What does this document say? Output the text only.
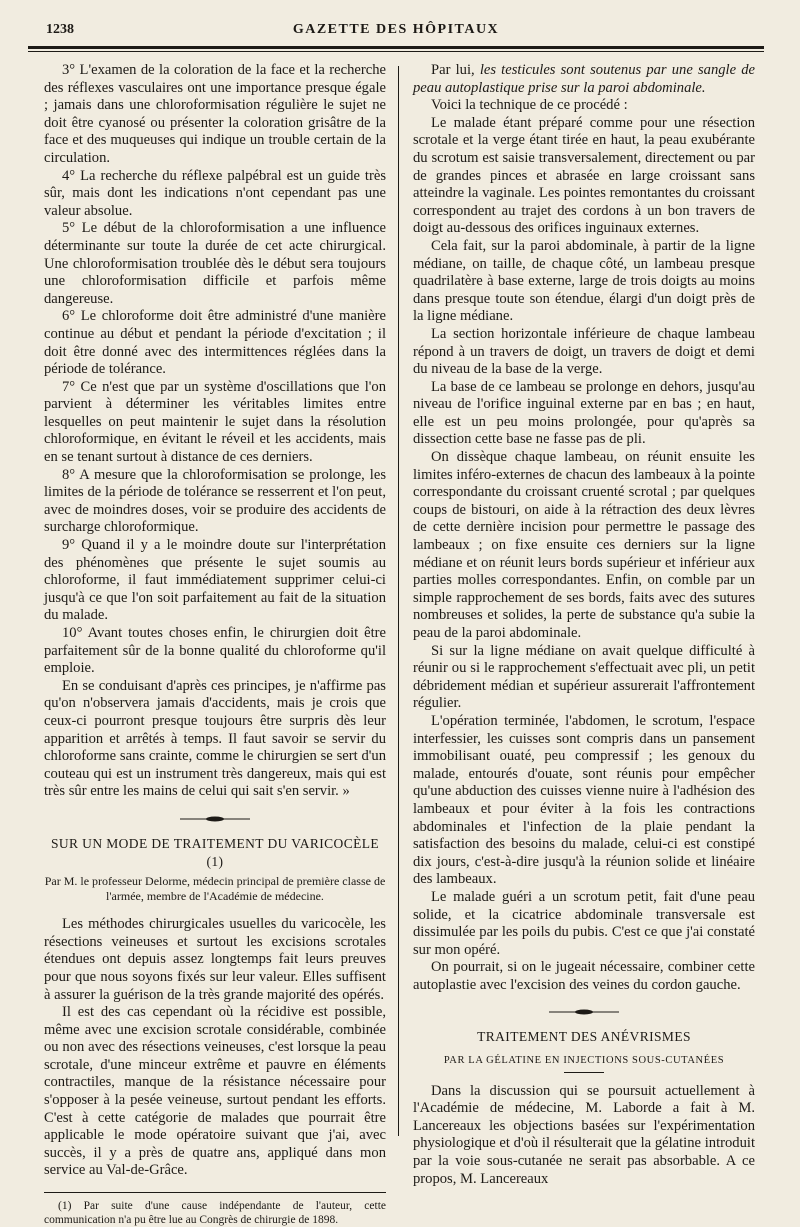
1238	GAZETTE DES HÔPITAUX

3° L'examen de la coloration de la face et la recherche des réflexes vasculaires ont une importance presque égale ; jamais dans une chloroformisation régulière le sujet ne doit être cyanosé ou présenter la coloration grisâtre de la face et des muqueuses qui indique un trouble certain de la circulation.

4° La recherche du réflexe palpébral est un guide très sûr, mais dont les indications n'ont cependant pas une valeur absolue.

5° Le début de la chloroformisation a une influence déterminante sur toute la durée de cet acte chirurgical. Une chloroformisation troublée dès le début sera toujours une chloroformisation difficile et parfois même dangereuse.

6° Le chloroforme doit être administré d'une manière continue au début et pendant la période d'excitation ; il doit être donné avec des intermittences réglées dans la période de tolérance.

7° Ce n'est que par un système d'oscillations que l'on parvient à déterminer les véritables limites entre lesquelles on peut maintenir le sujet dans la résolution chloroformique, en évitant le réveil et les accidents, mais en se tenant surtout à distance de ces derniers.

8° A mesure que la chloroformisation se prolonge, les limites de la période de tolérance se resserrent et l'on peut, avec de moindres doses, voir se produire des accidents de surcharge chloroformique.

9° Quand il y a le moindre doute sur l'interprétation des phénomènes que présente le sujet soumis au chloroforme, il faut immédiatement supprimer celui-ci jusqu'à ce que l'on soit parfaitement au fait de la situation du malade.

10° Avant toutes choses enfin, le chirurgien doit être parfaitement sûr de la bonne qualité du chloroforme qu'il emploie.

En se conduisant d'après ces principes, je n'affirme pas qu'on n'observera jamais d'accidents, mais je crois que ceux-ci pourront presque toujours être surpris dès leur apparition et arrêtés à temps. Il faut savoir se servir du chloroforme sans crainte, comme le chirurgien se sert d'un couteau qui est un instrument très dangereux, mais qui est très sûr entre les mains de celui qui sait s'en servir. »

SUR UN MODE DE TRAITEMENT DU VARICOCÈLE (1)

Par M. le professeur Delorme, médecin principal de première classe de l'armée, membre de l'Académie de médecine.

Les méthodes chirurgicales usuelles du varicocèle, les résections veineuses et surtout les excisions scrotales étendues ont depuis assez longtemps fait leurs preuves pour que nous soyons fixés sur leur valeur. Elles suffisent à assurer la guérison de la très grande majorité des opérés.

Il est des cas cependant où la récidive est possible, même avec une excision scrotale considérable, combinée ou non avec des résections veineuses, c'est lorsque la peau scrotale, d'une minceur extrême et pauvre en éléments contractiles, manque de la résistance nécessaire pour s'opposer à la pesée veineuse, surtout pendant les efforts. C'est à cette catégorie de malades que pourrait être applicable le mode opératoire suivant que j'ai, avec succès, il y a près de quatre ans, appliqué dans mon service au Val-de-Grâce.

(1) Par suite d'une cause indépendante de l'auteur, cette communication n'a pu être lue au Congrès de chirurgie de 1898.

Par lui, les testicules sont soutenus par une sangle de peau autoplastique prise sur la paroi abdominale.

Voici la technique de ce procédé :

Le malade étant préparé comme pour une résection scrotale et la verge étant tirée en haut, la peau exubérante du scrotum est saisie transversalement, directement ou par de grandes pinces et abrasée en large croissant sans atteindre la vaginale. Les pointes remontantes du croissant correspondent au trajet des cordons à un bon travers de doigt au-dessous des orifices inguinaux externes.

Cela fait, sur la paroi abdominale, à partir de la ligne médiane, on taille, de chaque côté, un lambeau presque quadrilatère à base externe, large de trois doigts au moins dans presque toute son étendue, élargi d'un doigt près de la ligne médiane.

La section horizontale inférieure de chaque lambeau répond à un travers de doigt, un travers de doigt et demi du niveau de la base de la verge.

La base de ce lambeau se prolonge en dehors, jusqu'au niveau de l'orifice inguinal externe par en bas ; en haut, elle est un peu moins prolongée, pour qu'après sa dissection cette base ne fasse pas de pli.

On dissèque chaque lambeau, on réunit ensuite les limites inféro-externes de chacun des lambeaux à la pointe correspondante du croissant cruenté scrotal ; par quelques coups de bistouri, on aide à la rétraction des deux lèvres de cette dernière incision pour permettre le passage des lambeaux ; on fixe ensuite ces derniers sur la ligne médiane et on réunit leurs bords supérieur et inférieur aux parties molles correspondantes. Enfin, on comble par un simple rapprochement de ses bords, faits avec des sutures nombreuses et solides, la perte de substance qu'a subie la peau de la paroi abdominale.

Si sur la ligne médiane on avait quelque difficulté à réunir ou si le rapprochement s'effectuait avec pli, un petit débridement médian et supérieur assurerait l'affrontement régulier.

L'opération terminée, l'abdomen, le scrotum, l'espace interfessier, les cuisses sont compris dans un pansement immobilisant ouaté, peu compressif ; les genoux du malade, entourés d'ouate, sont réunis pour empêcher qu'une abduction des cuisses vienne nuire à l'adhésion des lambeaux et pour éviter à la fois les contractions abdominales et l'infection de la plaie pendant la satisfaction des besoins du malade, celui-ci est constipé dix jours, c'est-à-dire jusqu'à la réunion solide et linéaire des lambeaux.

Le malade guéri a un scrotum petit, fait d'une peau solide, et la cicatrice abdominale transversale est dissimulée par les poils du pubis. C'est ce que j'ai constaté sur mon opéré.

On pourrait, si on le jugeait nécessaire, combiner cette autoplastie avec l'excision des veines du cordon gauche.

TRAITEMENT DES ANÉVRISMES

PAR LA GÉLATINE EN INJECTIONS SOUS-CUTANÉES

Dans la discussion qui se poursuit actuellement à l'Académie de médecine, M. Laborde a fait à M. Lancereaux les objections basées sur l'expérimentation physiologique et d'où il résulterait que la gélatine introduit par la voie sous-cutanée ne serait pas absorbable. A ce propos, M. Lancereaux
